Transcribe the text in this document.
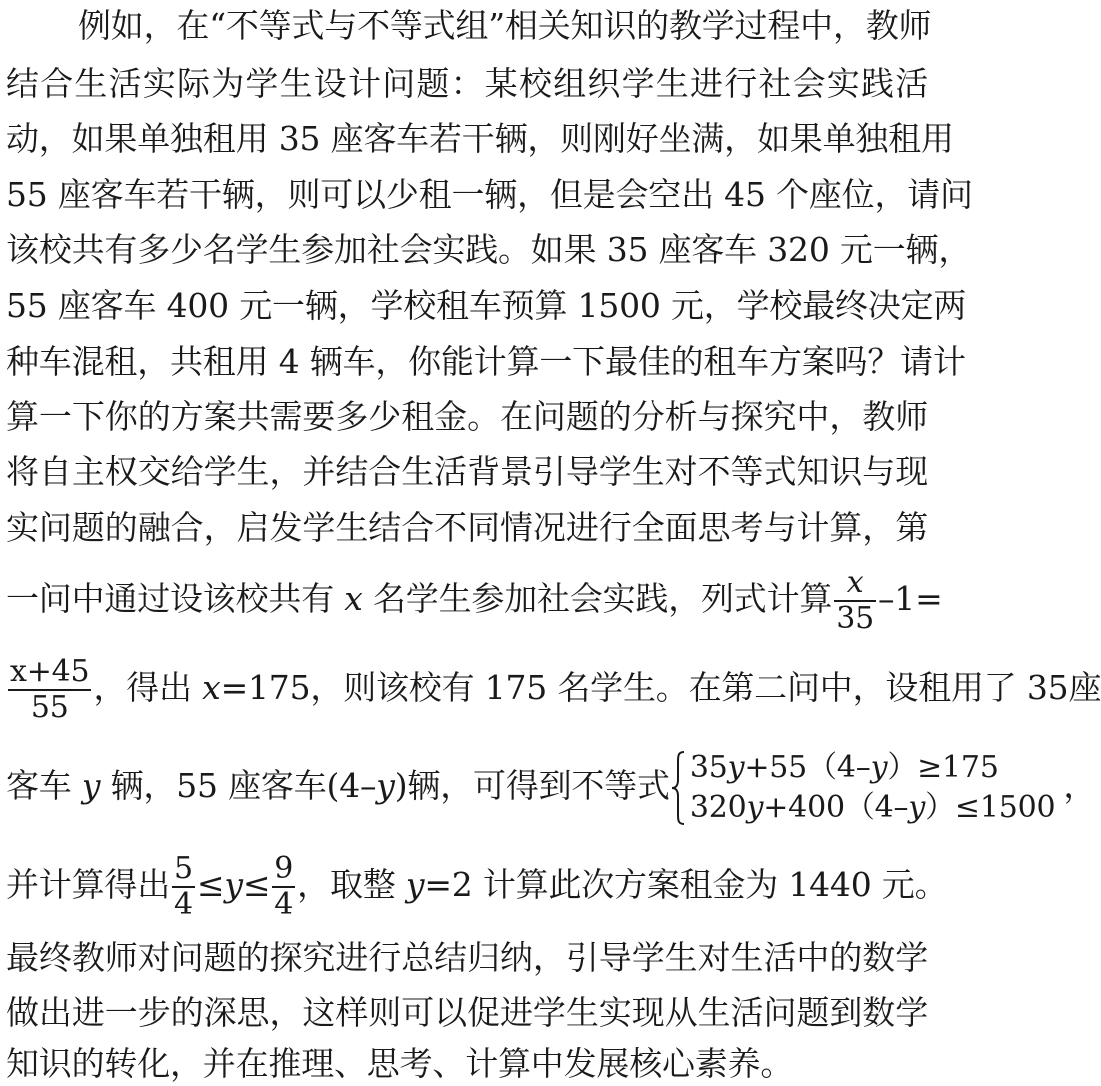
例如，在“不等式与不等式组”相关知识的教学过程中，教师
结合生活实际为学生设计问题：某校组织学生进行社会实践活
动，如果单独租用 35 座客车若干辆，则刚好坐满，如果单独租用
55 座客车若干辆，则可以少租一辆，但是会空出 45 个座位，请问
该校共有多少名学生参加社会实践。如果 35 座客车 320 元一辆，
55 座客车 400 元一辆，学校租车预算 1500 元，学校最终决定两
种车混租，共租用 4 辆车，你能计算一下最佳的租车方案吗？请计
算一下你的方案共需要多少租金。在问题的分析与探究中，教师
将自主权交给学生，并结合生活背景引导学生对不等式知识与现
实问题的融合，启发学生结合不同情况进行全面思考与计算，第
一问中通过设该校共有 x 名学生参加社会实践，列式计算 $\frac{x}{35} -1=$
$\frac{x+45}{55}$ ，得出 x=175，则该校有 175 名学生。在第二问中，设租用了 35座
客车 y 辆，55 座客车(4–y)辆，可得到不等式 35y+55（4–y）≥175
320y+400（4–y）≤1500
，
并计算得出 $\frac{5}{4} \le y\le \frac{9}{4}$ ，取整 y=2 计算此次方案租金为 1440 元。
最终教师对问题的探究进行总结归纳，引导学生对生活中的数学
做出进一步的深思，这样则可以促进学生实现从生活问题到数学
知识的转化，并在推理、思考、计算中发展核心素养。
